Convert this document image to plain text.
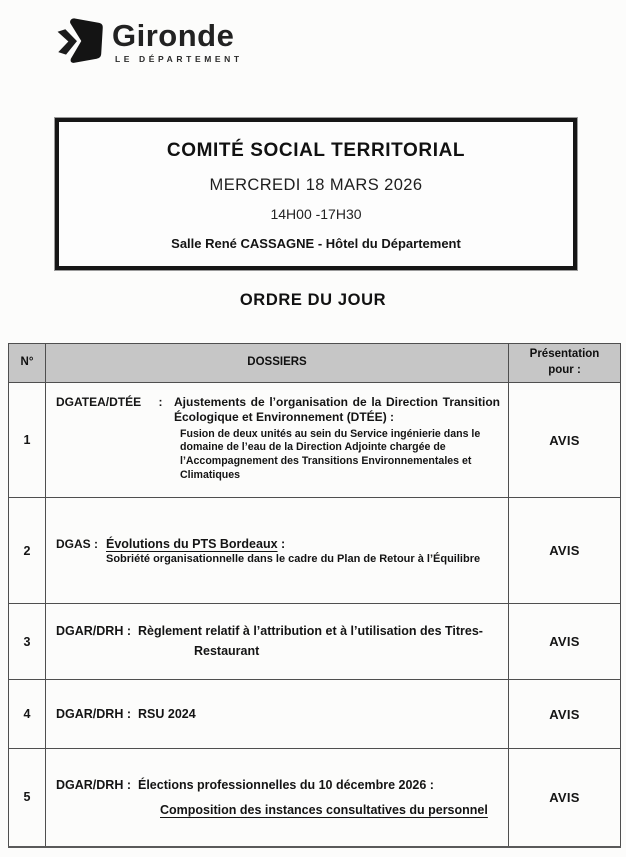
Gironde
LE DÉPARTEMENT
COMITÉ SOCIAL TERRITORIAL
MERCREDI 18 MARS 2026
14H00 -17H30
Salle René CASSAGNE - Hôtel du Département
ORDRE DU JOUR
N°	DOSSIERS	Présentation
pour :

1	DGATEA/DTÉE : Ajustements de l’organisation de la Direction Transition Écologique et Environnement (DTÉE) :
Fusion de deux unités au sein du Service ingénierie dans le domaine de l’eau de la Direction Adjointe chargée de l’Accompagnement des Transitions Environnementales et Climatiques	AVIS
2	DGAS : Évolutions du PTS Bordeaux :
Sobriété organisationnelle dans le cadre du Plan de Retour à l’Équilibre	AVIS
3	DGAR/DRH : Règlement relatif à l’attribution et à l’utilisation des Titres-Restaurant	AVIS
4	DGAR/DRH : RSU 2024	AVIS
5	DGAR/DRH : Élections professionnelles du 10 décembre 2026 :
Composition des instances consultatives du personnel	AVIS
